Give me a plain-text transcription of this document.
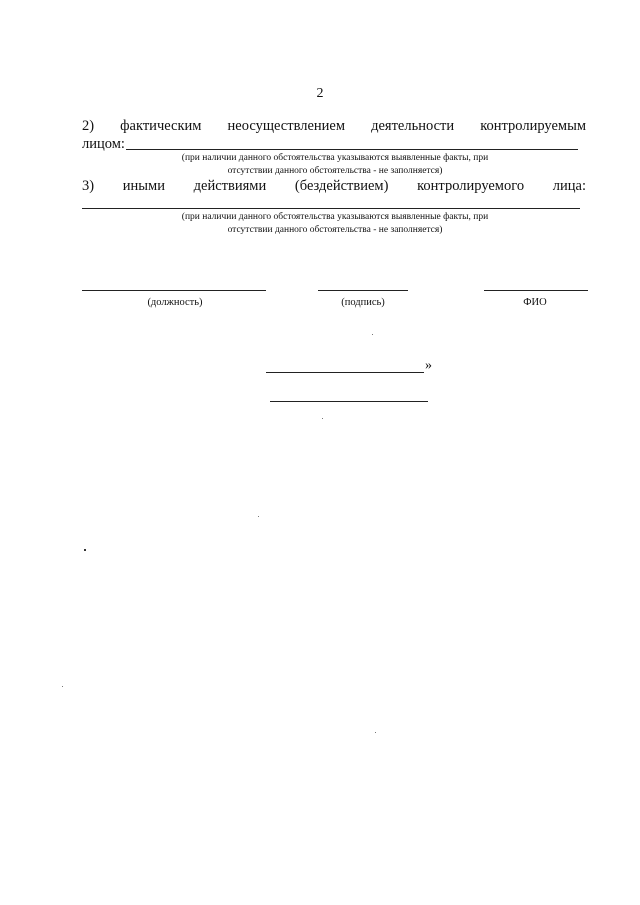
2
2) фактическим неосуществлением деятельности контролируемым
лицом:
(при наличии данного обстоятельства указываются выявленные факты, при
отсутствии данного обстоятельства - не заполняется)
3) иными действиями (бездействием) контролируемого лица:
(при наличии данного обстоятельства указываются выявленные факты, при
отсутствии данного обстоятельства - не заполняется)
(должность)	(подпись)	ФИО
»
